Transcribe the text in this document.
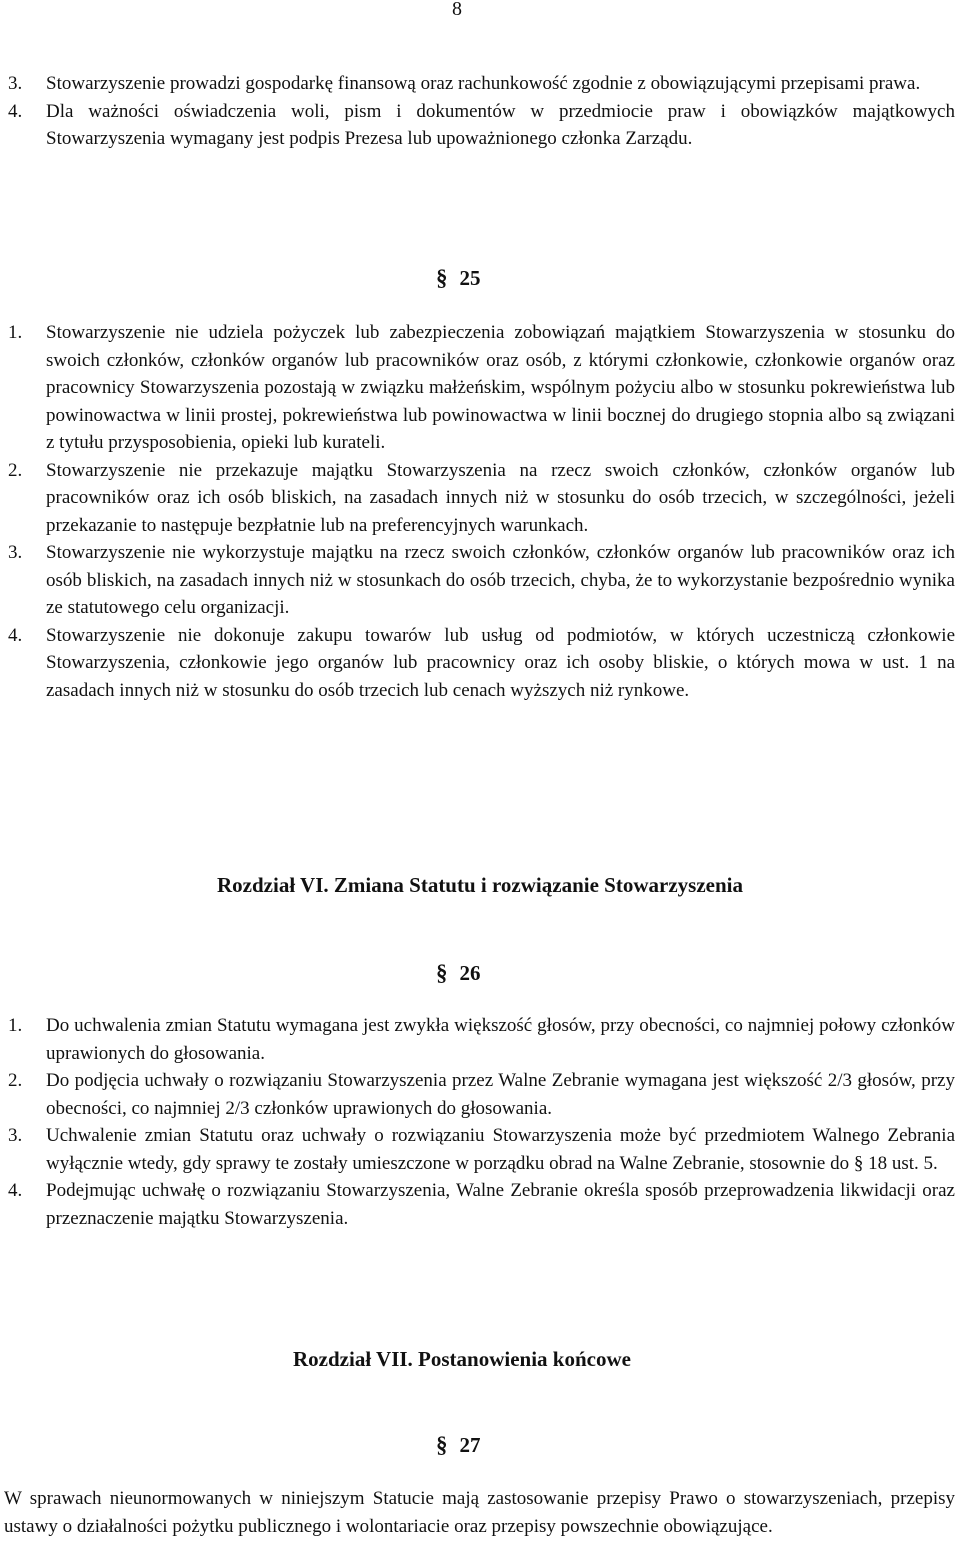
8
3.	Stowarzyszenie prowadzi gospodarkę finansową oraz rachunkowość zgodnie z obowiązującymi przepisami prawa.
4.	Dla ważności oświadczenia woli, pism i dokumentów w przedmiocie praw i obowiązków majątkowych Stowarzyszenia wymagany jest podpis Prezesa lub upoważnionego członka Zarządu.
§ 25
1.	Stowarzyszenie nie udziela pożyczek lub zabezpieczenia zobowiązań majątkiem Stowarzyszenia w stosunku do swoich członków, członków organów lub pracowników oraz osób, z którymi członkowie, członkowie organów oraz pracownicy Stowarzyszenia pozostają w związku małżeńskim, wspólnym pożyciu albo w stosunku pokrewieństwa lub powinowactwa w linii prostej, pokrewieństwa lub powinowactwa w linii bocznej do drugiego stopnia albo są związani z tytułu przysposobienia, opieki lub kurateli.
2.	Stowarzyszenie nie przekazuje majątku Stowarzyszenia na rzecz swoich członków, członków organów lub pracowników oraz ich osób bliskich, na zasadach innych niż w stosunku do osób trzecich, w szczególności, jeżeli przekazanie to następuje bezpłatnie lub na preferencyjnych warunkach.
3.	Stowarzyszenie nie wykorzystuje majątku na rzecz swoich członków, członków organów lub pracowników oraz ich osób bliskich, na zasadach innych niż w stosunkach do osób trzecich, chyba, że to wykorzystanie bezpośrednio wynika ze statutowego celu organizacji.
4.	Stowarzyszenie nie dokonuje zakupu towarów lub usług od podmiotów, w których uczestniczą członkowie Stowarzyszenia, członkowie jego organów lub pracownicy oraz ich osoby bliskie, o których mowa w ust. 1 na zasadach innych niż w stosunku do osób trzecich lub cenach wyższych niż rynkowe.
Rozdział VI. Zmiana Statutu i rozwiązanie Stowarzyszenia
§ 26
1.	Do uchwalenia zmian Statutu wymagana jest zwykła większość głosów, przy obecności, co najmniej połowy członków uprawionych do głosowania.
2.	Do podjęcia uchwały o rozwiązaniu Stowarzyszenia przez Walne Zebranie wymagana jest większość 2/3 głosów, przy obecności, co najmniej 2/3 członków uprawionych do głosowania.
3.	Uchwalenie zmian Statutu oraz uchwały o rozwiązaniu Stowarzyszenia może być przedmiotem Walnego Zebrania wyłącznie wtedy, gdy sprawy te zostały umieszczone w porządku obrad na Walne Zebranie, stosownie do § 18 ust. 5.
4.	Podejmując uchwałę o rozwiązaniu Stowarzyszenia, Walne Zebranie określa sposób przeprowadzenia likwidacji oraz przeznaczenie majątku Stowarzyszenia.
Rozdział VII. Postanowienia końcowe
§ 27
W sprawach nieunormowanych w niniejszym Statucie mają zastosowanie przepisy Prawo o stowarzyszeniach, przepisy ustawy o działalności pożytku publicznego i wolontariacie oraz przepisy powszechnie obowiązujące.
